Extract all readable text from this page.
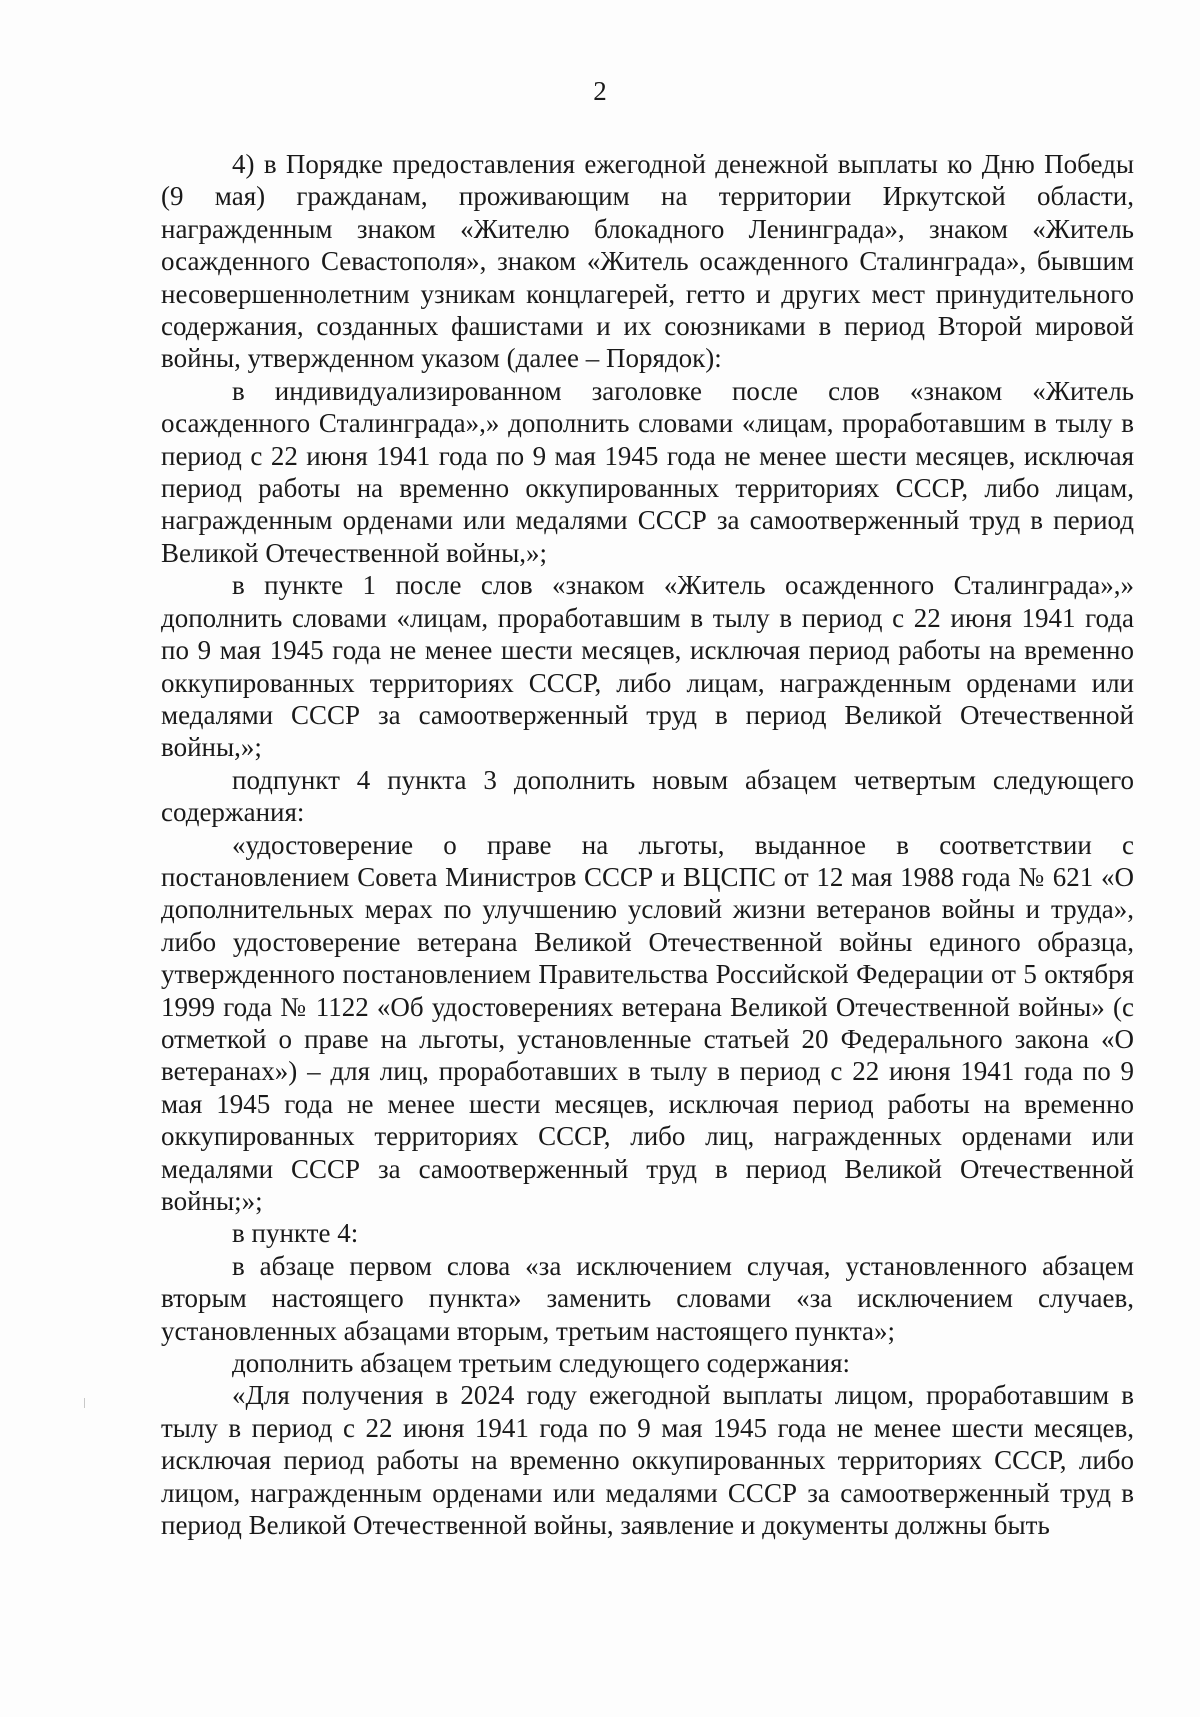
2

4) в Порядке предоставления ежегодной денежной выплаты ко Дню Победы (9 мая) гражданам, проживающим на территории Иркутской области, награжденным знаком «Жителю блокадного Ленинграда», знаком «Житель осажденного Севастополя», знаком «Житель осажденного Сталинграда», бывшим несовершеннолетним узникам концлагерей, гетто и других мест принудительного содержания, созданных фашистами и их союзниками в период Второй мировой войны, утвержденном указом (далее – Порядок):

в индивидуализированном заголовке после слов «знаком «Житель осажденного Сталинграда»,» дополнить словами «лицам, проработавшим в тылу в период с 22 июня 1941 года по 9 мая 1945 года не менее шести месяцев, исключая период работы на временно оккупированных территориях СССР, либо лицам, награжденным орденами или медалями СССР за самоотверженный труд в период Великой Отечественной войны,»;

в пункте 1 после слов «знаком «Житель осажденного Сталинграда»,» дополнить словами «лицам, проработавшим в тылу в период с 22 июня 1941 года по 9 мая 1945 года не менее шести месяцев, исключая период работы на временно оккупированных территориях СССР, либо лицам, награжденным орденами или медалями СССР за самоотверженный труд в период Великой Отечественной войны,»;

подпункт 4 пункта 3 дополнить новым абзацем четвертым следующего содержания:

«удостоверение о праве на льготы, выданное в соответствии с постановлением Совета Министров СССР и ВЦСПС от 12 мая 1988 года № 621 «О дополнительных мерах по улучшению условий жизни ветеранов войны и труда», либо удостоверение ветерана Великой Отечественной войны единого образца, утвержденного постановлением Правительства Российской Федерации от 5 октября 1999 года № 1122 «Об удостоверениях ветерана Великой Отечественной войны» (с отметкой о праве на льготы, установленные статьей 20 Федерального закона «О ветеранах») – для лиц, проработавших в тылу в период с 22 июня 1941 года по 9 мая 1945 года не менее шести месяцев, исключая период работы на временно оккупированных территориях СССР, либо лиц, награжденных орденами или медалями СССР за самоотверженный труд в период Великой Отечественной войны;»;

в пункте 4:

в абзаце первом слова «за исключением случая, установленного абзацем вторым настоящего пункта» заменить словами «за исключением случаев, установленных абзацами вторым, третьим настоящего пункта»;

дополнить абзацем третьим следующего содержания:

«Для получения в 2024 году ежегодной выплаты лицом, проработавшим в тылу в период с 22 июня 1941 года по 9 мая 1945 года не менее шести месяцев, исключая период работы на временно оккупированных территориях СССР, либо лицом, награжденным орденами или медалями СССР за самоотверженный труд в период Великой Отечественной войны, заявление и документы должны быть
